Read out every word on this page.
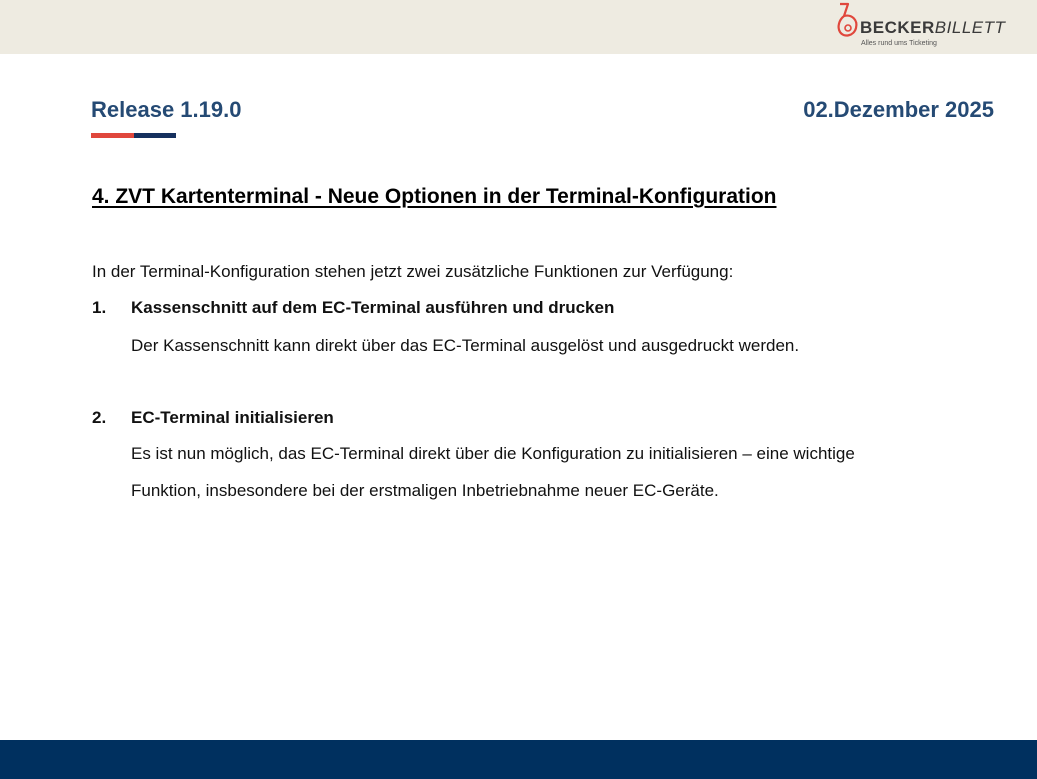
BECKERBILLETT
Alles rund ums Ticketing
Release 1.19.0	02.Dezember 2025
4. ZVT Kartenterminal - Neue Optionen in der Terminal-Konfiguration
In der Terminal-Konfiguration stehen jetzt zwei zusätzliche Funktionen zur Verfügung:
1. Kassenschnitt auf dem EC-Terminal ausführen und drucken
Der Kassenschnitt kann direkt über das EC-Terminal ausgelöst und ausgedruckt werden.
2. EC-Terminal initialisieren
Es ist nun möglich, das EC-Terminal direkt über die Konfiguration zu initialisieren – eine wichtige
Funktion, insbesondere bei der erstmaligen Inbetriebnahme neuer EC-Geräte.
